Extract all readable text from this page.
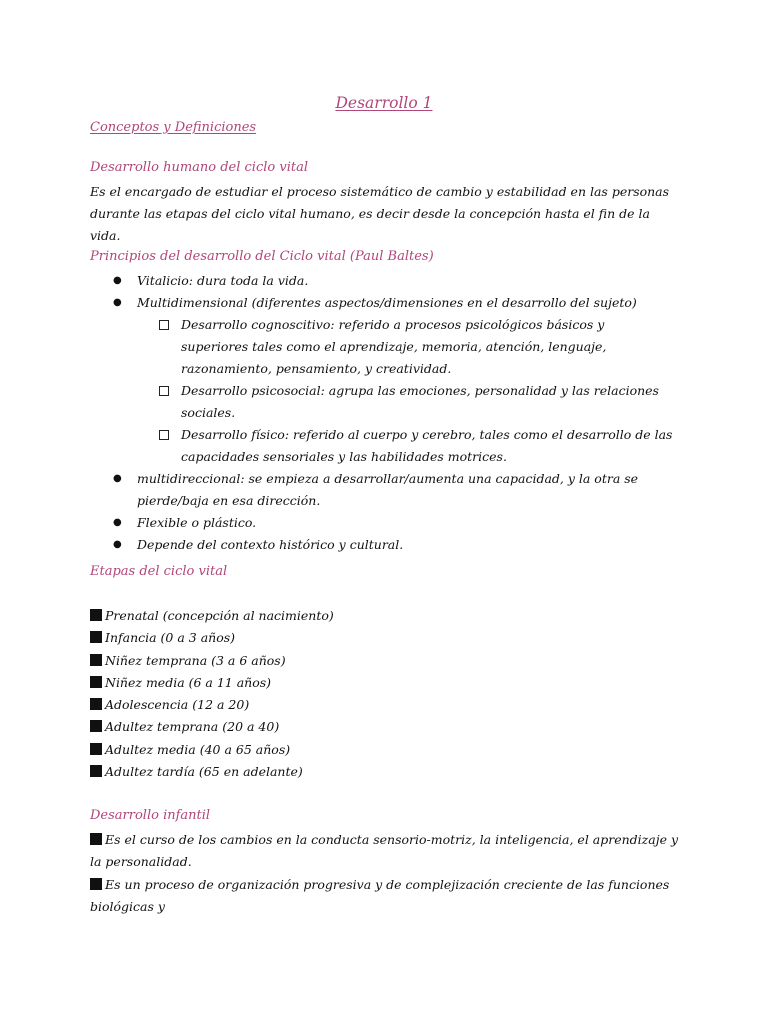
Desarrollo 1
Conceptos y Definiciones
Desarrollo humano del ciclo vital
Es el encargado de estudiar el proceso sistemático de cambio y estabilidad en las personas durante las etapas del ciclo vital humano, es decir desde la concepción hasta el fin de la vida.
Principios del desarrollo del Ciclo vital (Paul Baltes)
● Vitalicio: dura toda la vida.
● Multidimensional (diferentes aspectos/dimensiones en el desarrollo del sujeto)
Desarrollo cognoscitivo: referido a procesos psicológicos básicos y superiores tales como el aprendizaje, memoria, atención, lenguaje, razonamiento, pensamiento, y creatividad.
Desarrollo psicosocial: agrupa las emociones, personalidad y las relaciones sociales.
Desarrollo físico: referido al cuerpo y cerebro, tales como el desarrollo de las capacidades sensoriales y las habilidades motrices.
● multidireccional: se empieza a desarrollar/aumenta una capacidad, y la otra se pierde/baja en esa dirección.
● Flexible o plástico.
● Depende del contexto histórico y cultural.
Etapas del ciclo vital
Prenatal (concepción al nacimiento)
Infancia (0 a 3 años)
Niñez temprana (3 a 6 años)
Niñez media (6 a 11 años)
Adolescencia (12 a 20)
Adultez temprana (20 a 40)
Adultez media (40 a 65 años)
Adultez tardía (65 en adelante)
Desarrollo infantil
Es el curso de los cambios en la conducta sensorio-motriz, la inteligencia, el aprendizaje y la personalidad.
Es un proceso de organización progresiva y de complejización creciente de las funciones biológicas y
